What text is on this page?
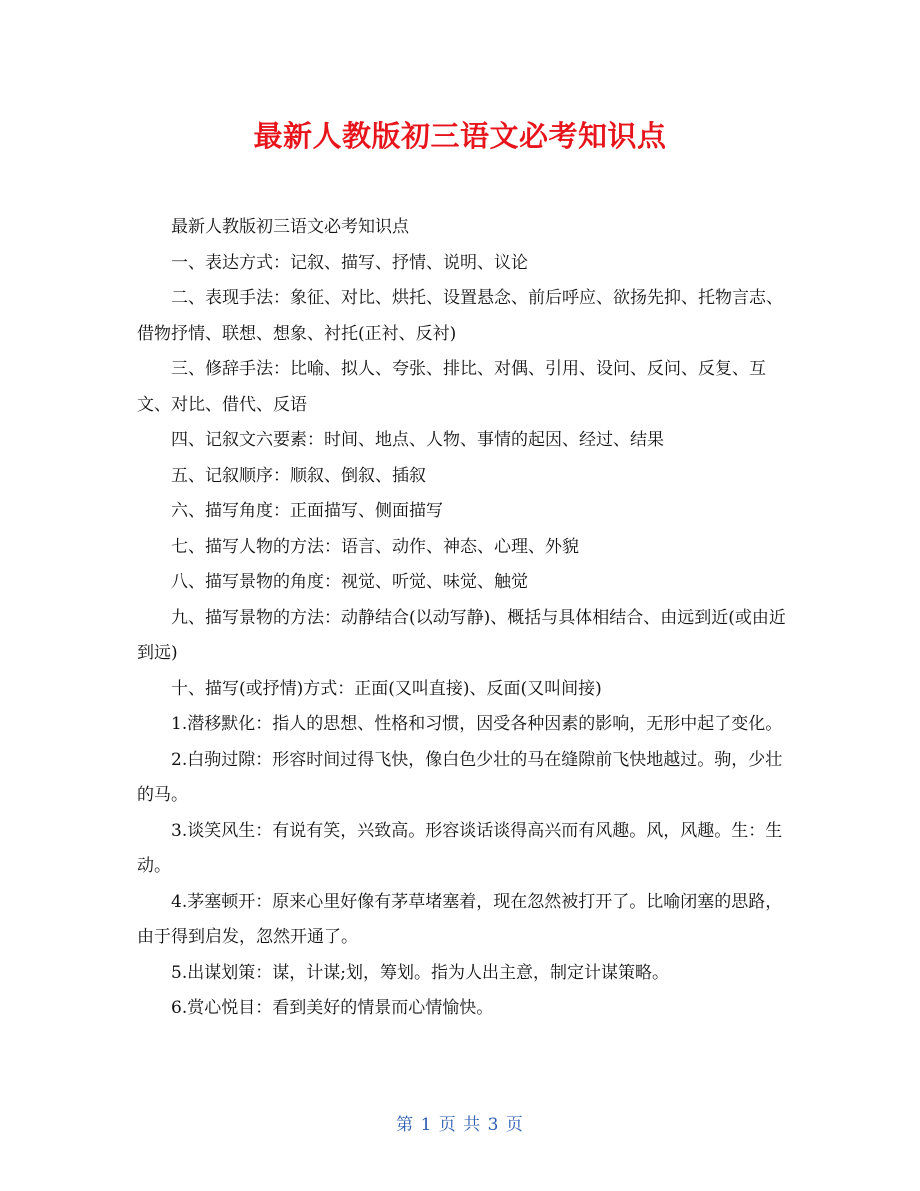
最新人教版初三语文必考知识点

最新人教版初三语文必考知识点

一、表达方式：记叙、描写、抒情、说明、议论

二、表现手法：象征、对比、烘托、设置悬念、前后呼应、欲扬先抑、托物言志、借物抒情、联想、想象、衬托(正衬、反衬)

三、修辞手法：比喻、拟人、夸张、排比、对偶、引用、设问、反问、反复、互文、对比、借代、反语

四、记叙文六要素：时间、地点、人物、事情的起因、经过、结果

五、记叙顺序：顺叙、倒叙、插叙

六、描写角度：正面描写、侧面描写

七、描写人物的方法：语言、动作、神态、心理、外貌

八、描写景物的角度：视觉、听觉、味觉、触觉

九、描写景物的方法：动静结合(以动写静)、概括与具体相结合、由远到近(或由近到远)

十、描写(或抒情)方式：正面(又叫直接)、反面(又叫间接)

1.潜移默化：指人的思想、性格和习惯，因受各种因素的影响，无形中起了变化。

2.白驹过隙：形容时间过得飞快，像白色少壮的马在缝隙前飞快地越过。驹，少壮的马。

3.谈笑风生：有说有笑，兴致高。形容谈话谈得高兴而有风趣。风，风趣。生：生动。

4.茅塞顿开：原来心里好像有茅草堵塞着，现在忽然被打开了。比喻闭塞的思路，由于得到启发，忽然开通了。

5.出谋划策：谋，计谋;划，筹划。指为人出主意，制定计谋策略。

6.赏心悦目：看到美好的情景而心情愉快。

第 1 页 共 3 页
